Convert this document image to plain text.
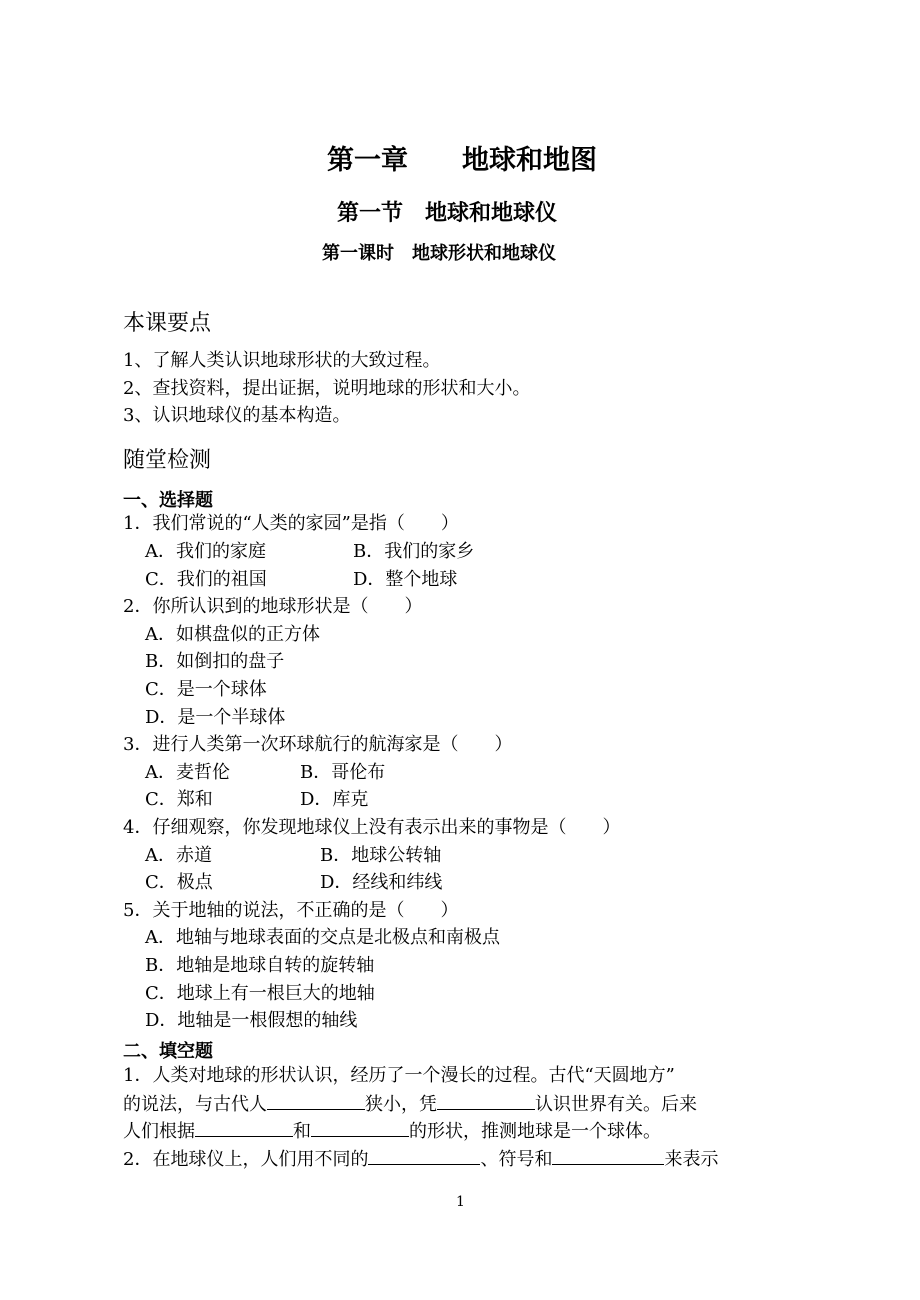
第一章　　地球和地图
第一节　地球和地球仪
第一课时　地球形状和地球仪
本课要点
1、了解人类认识地球形状的大致过程。
2、查找资料，提出证据，说明地球的形状和大小。
3、认识地球仪的基本构造。
随堂检测
一、选择题
1．我们常说的“人类的家园”是指（　　）
A．我们的家庭	B．我们的家乡
C．我们的祖国	D．整个地球
2．你所认识到的地球形状是（　　）
A．如棋盘似的正方体
B．如倒扣的盘子
C．是一个球体
D．是一个半球体
3．进行人类第一次环球航行的航海家是（　　）
A．麦哲伦	B．哥伦布
C．郑和	D．库克
4．仔细观察，你发现地球仪上没有表示出来的事物是（　　）
A．赤道	B．地球公转轴
C．极点	D．经线和纬线
5．关于地轴的说法，不正确的是（　　）
A．地轴与地球表面的交点是北极点和南极点
B．地轴是地球自转的旋转轴
C．地球上有一根巨大的地轴
D．地轴是一根假想的轴线
二、填空题
1．人类对地球的形状认识，经历了一个漫长的过程。古代“天圆地方”
的说法，与古代人	狭小，凭	认识世界有关。后来
人们根据	和	的形状，推测地球是一个球体。
2．在地球仪上，人们用不同的	、符号和	来表示
1
